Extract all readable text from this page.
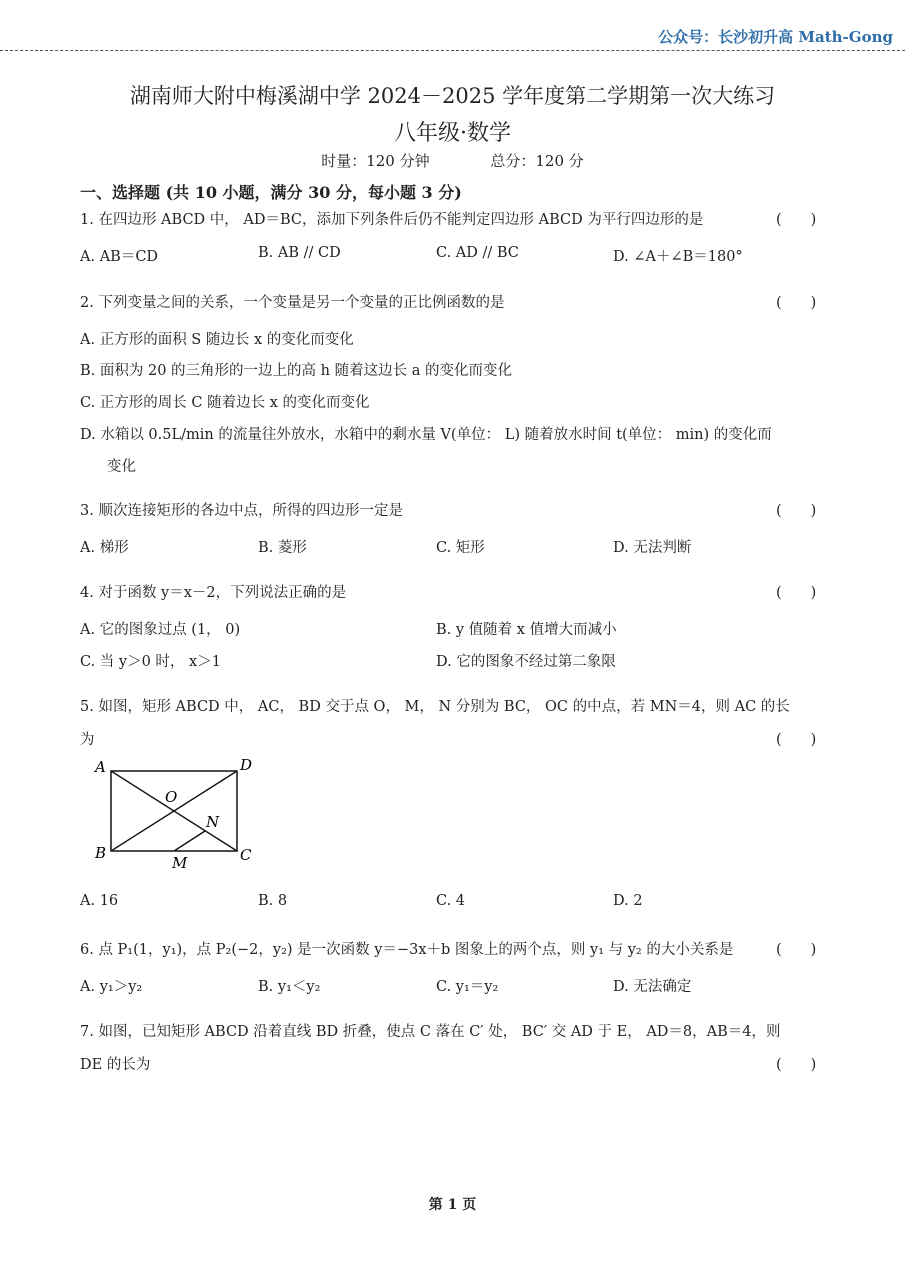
公众号：长沙初升高 Math-Gong
湖南师大附中梅溪湖中学 2024－2025 学年度第二学期第一次大练习
八年级·数学
时量：120 分钟	总分：120 分
一、选择题 (共 10 小题，满分 30 分，每小题 3 分)
1. 在四边形 ABCD 中， AD＝BC，添加下列条件后仍不能判定四边形 ABCD 为平行四边形的是	(　　)
A. AB＝CD	B. AB // CD	C. AD // BC	D. ∠A＋∠B＝180°
2. 下列变量之间的关系，一个变量是另一个变量的正比例函数的是	(　　)
A. 正方形的面积 S 随边长 x 的变化而变化
B. 面积为 20 的三角形的一边上的高 h 随着这边长 a 的变化而变化
C. 正方形的周长 C 随着边长 x 的变化而变化
D. 水箱以 0.5L/min 的流量往外放水，水箱中的剩水量 V(单位： L) 随着放水时间 t(单位： min) 的变化而
变化
3. 顺次连接矩形的各边中点，所得的四边形一定是	(　　)
A. 梯形	B. 菱形	C. 矩形	D. 无法判断
4. 对于函数 y＝x－2，下列说法正确的是	(　　)
A. 它的图象过点 (1， 0)	B. y 值随着 x 值增大而减小
C. 当 y＞0 时， x＞1	D. 它的图象不经过第二象限
5. 如图，矩形 ABCD 中， AC， BD 交于点 O， M， N 分别为 BC， OC 的中点，若 MN＝4，则 AC 的长
为	(　　)
A	D
B	C
O
N
M
A. 16	B. 8	C. 4	D. 2
6. 点 P₁(1，y₁)，点 P₂(−2，y₂) 是一次函数 y＝−3x＋b 图象上的两个点，则 y₁ 与 y₂ 的大小关系是	(　　)
A. y₁＞y₂	B. y₁＜y₂	C. y₁＝y₂	D. 无法确定
7. 如图，已知矩形 ABCD 沿着直线 BD 折叠，使点 C 落在 C′ 处， BC′ 交 AD 于 E， AD＝8，AB＝4，则
DE 的长为	(　　)
第 1 页
